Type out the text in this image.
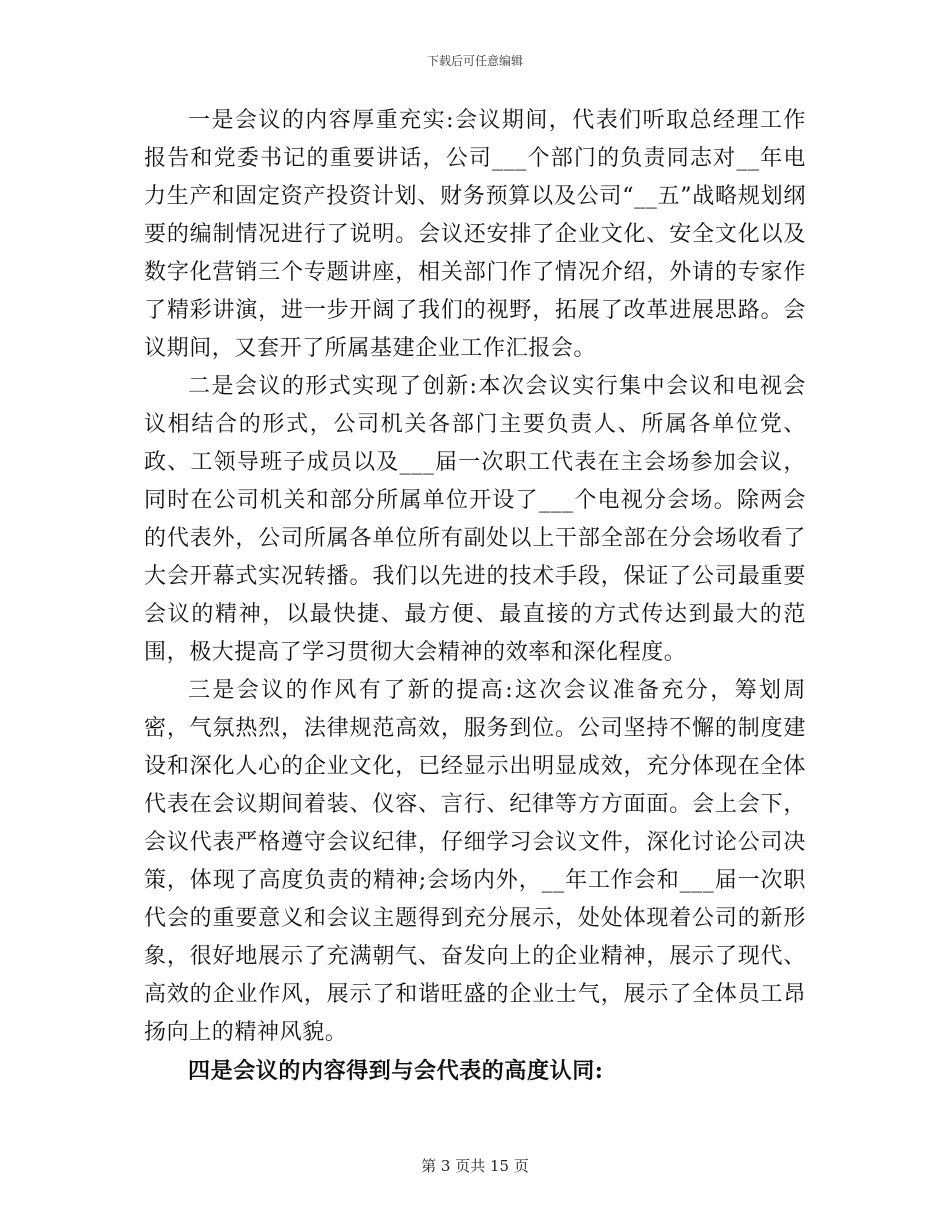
下载后可任意编辑

一是会议的内容厚重充实:会议期间，代表们听取总经理工作报告和党委书记的重要讲话，公司___个部门的负责同志对__年电力生产和固定资产投资计划、财务预算以及公司“__五”战略规划纲要的编制情况进行了说明。会议还安排了企业文化、安全文化以及数字化营销三个专题讲座，相关部门作了情况介绍，外请的专家作了精彩讲演，进一步开阔了我们的视野，拓展了改革进展思路。会议期间，又套开了所属基建企业工作汇报会。

二是会议的形式实现了创新:本次会议实行集中会议和电视会议相结合的形式，公司机关各部门主要负责人、所属各单位党、政、工领导班子成员以及___届一次职工代表在主会场参加会议，同时在公司机关和部分所属单位开设了___个电视分会场。除两会的代表外，公司所属各单位所有副处以上干部全部在分会场收看了大会开幕式实况转播。我们以先进的技术手段，保证了公司最重要会议的精神，以最快捷、最方便、最直接的方式传达到最大的范围，极大提高了学习贯彻大会精神的效率和深化程度。

三是会议的作风有了新的提高:这次会议准备充分，筹划周密，气氛热烈，法律规范高效，服务到位。公司坚持不懈的制度建设和深化人心的企业文化，已经显示出明显成效，充分体现在全体代表在会议期间着装、仪容、言行、纪律等方方面面。会上会下，会议代表严格遵守会议纪律，仔细学习会议文件，深化讨论公司决策，体现了高度负责的精神;会场内外，__年工作会和___届一次职代会的重要意义和会议主题得到充分展示，处处体现着公司的新形象，很好地展示了充满朝气、奋发向上的企业精神，展示了现代、高效的企业作风，展示了和谐旺盛的企业士气，展示了全体员工昂扬向上的精神风貌。

四是会议的内容得到与会代表的高度认同:

第 3 页共 15 页
